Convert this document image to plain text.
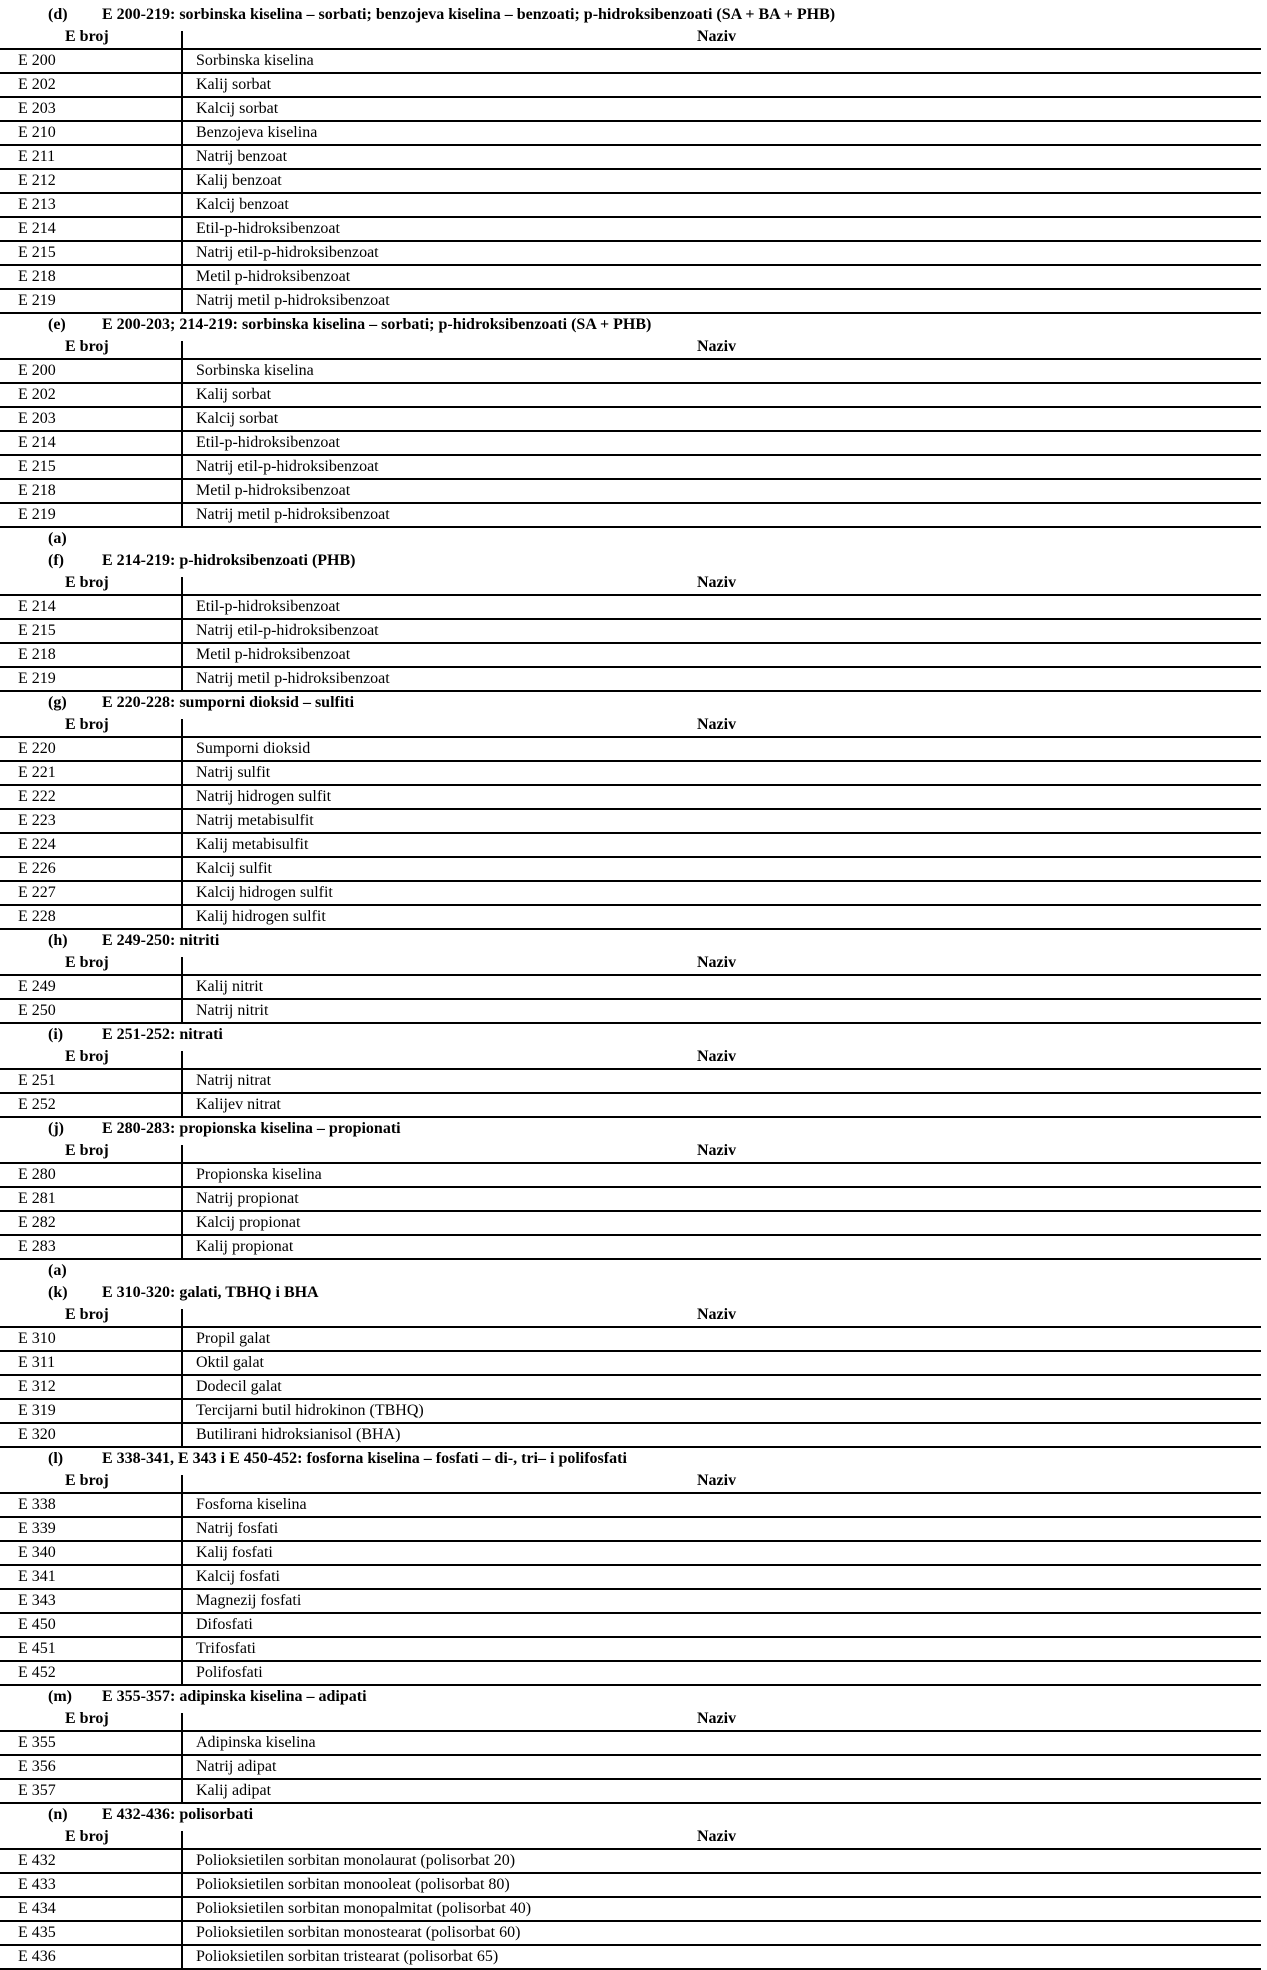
(d) E 200-219: sorbinska kiselina – sorbati; benzojeva kiselina – benzoati; p-hidroksibenzoati (SA + BA + PHB)
E broj	Naziv
E 200	Sorbinska kiselina
E 202	Kalij sorbat
E 203	Kalcij sorbat
E 210	Benzojeva kiselina
E 211	Natrij benzoat
E 212	Kalij benzoat
E 213	Kalcij benzoat
E 214	Etil-p-hidroksibenzoat
E 215	Natrij etil-p-hidroksibenzoat
E 218	Metil p-hidroksibenzoat
E 219	Natrij metil p-hidroksibenzoat
(e) E 200-203; 214-219: sorbinska kiselina – sorbati; p-hidroksibenzoati (SA + PHB)
E broj	Naziv
E 200	Sorbinska kiselina
E 202	Kalij sorbat
E 203	Kalcij sorbat
E 214	Etil-p-hidroksibenzoat
E 215	Natrij etil-p-hidroksibenzoat
E 218	Metil p-hidroksibenzoat
E 219	Natrij metil p-hidroksibenzoat
(a)
(f) E 214-219: p-hidroksibenzoati (PHB)
E broj	Naziv
E 214	Etil-p-hidroksibenzoat
E 215	Natrij etil-p-hidroksibenzoat
E 218	Metil p-hidroksibenzoat
E 219	Natrij metil p-hidroksibenzoat
(g) E 220-228: sumporni dioksid – sulfiti
E broj	Naziv
E 220	Sumporni dioksid
E 221	Natrij sulfit
E 222	Natrij hidrogen sulfit
E 223	Natrij metabisulfit
E 224	Kalij metabisulfit
E 226	Kalcij sulfit
E 227	Kalcij hidrogen sulfit
E 228	Kalij hidrogen sulfit
(h) E 249-250: nitriti
E broj	Naziv
E 249	Kalij nitrit
E 250	Natrij nitrit
(i) E 251-252: nitrati
E broj	Naziv
E 251	Natrij nitrat
E 252	Kalijev nitrat
(j) E 280-283: propionska kiselina – propionati
E broj	Naziv
E 280	Propionska kiselina
E 281	Natrij propionat
E 282	Kalcij propionat
E 283	Kalij propionat
(a)
(k) E 310-320: galati, TBHQ i BHA
E broj	Naziv
E 310	Propil galat
E 311	Oktil galat
E 312	Dodecil galat
E 319	Tercijarni butil hidrokinon (TBHQ)
E 320	Butilirani hidroksianisol (BHA)
(l) E 338-341, E 343 i E 450-452: fosforna kiselina – fosfati – di-, tri– i polifosfati
E broj	Naziv
E 338	Fosforna kiselina
E 339	Natrij fosfati
E 340	Kalij fosfati
E 341	Kalcij fosfati
E 343	Magnezij fosfati
E 450	Difosfati
E 451	Trifosfati
E 452	Polifosfati
(m) E 355-357: adipinska kiselina – adipati
E broj	Naziv
E 355	Adipinska kiselina
E 356	Natrij adipat
E 357	Kalij adipat
(n) E 432-436: polisorbati
E broj	Naziv
E 432	Polioksietilen sorbitan monolaurat (polisorbat 20)
E 433	Polioksietilen sorbitan monooleat (polisorbat 80)
E 434	Polioksietilen sorbitan monopalmitat (polisorbat 40)
E 435	Polioksietilen sorbitan monostearat (polisorbat 60)
E 436	Polioksietilen sorbitan tristearat (polisorbat 65)
